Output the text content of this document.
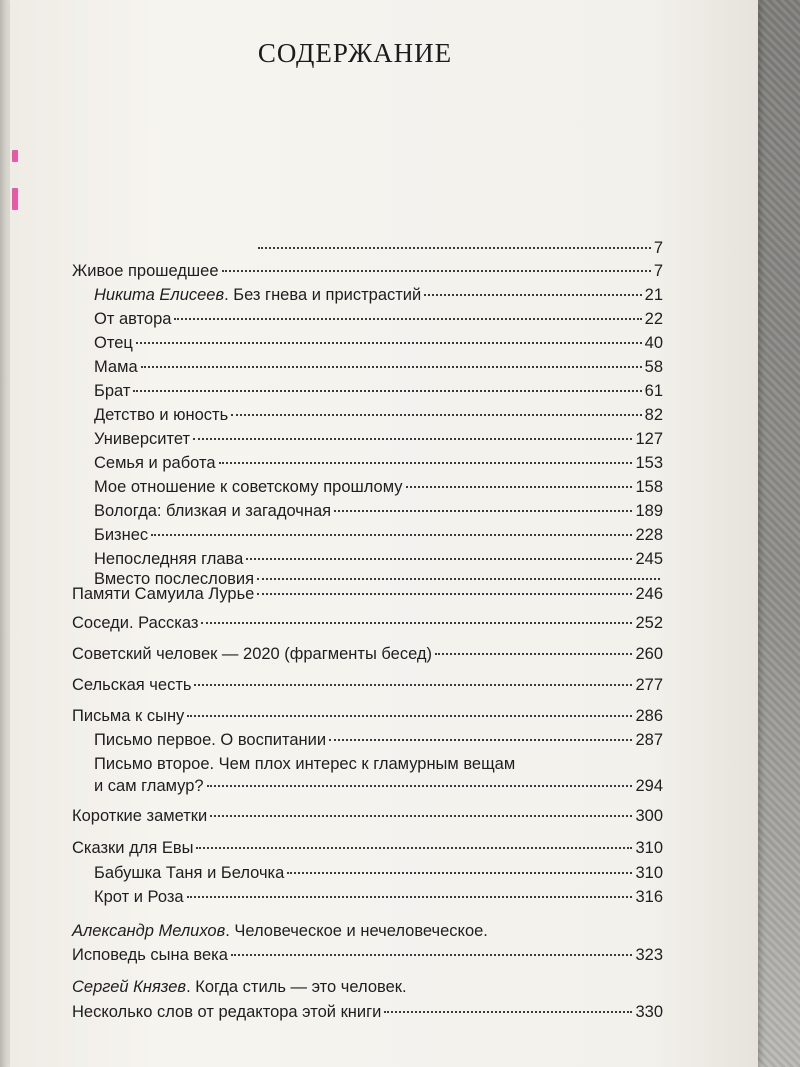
СОДЕРЖАНИЕ
7
Живое прошедшее	7
Никита Елисеев. Без гнева и пристрастий	21
От автора	22
Отец	40
Мама	58
Брат	61
Детство и юность	82
Университет	127
Семья и работа	153
Мое отношение к советскому прошлому	158
Вологда: близкая и загадочная	189
Бизнес	228
Непоследняя глава	245
Вместо послесловия
Памяти Самуила Лурье	246
Соседи. Рассказ	252
Советский человек — 2020 (фрагменты бесед)	260
Сельская честь	277
Письма к сыну	286
Письмо первое. О воспитании	287
Письмо второе. Чем плох интерес к гламурным вещам
и сам гламур?	294
Короткие заметки	300
Сказки для Евы	310
Бабушка Таня и Белочка	310
Крот и Роза	316
Александр Мелихов. Человеческое и нечеловеческое.
Исповедь сына века	323
Сергей Князев. Когда стиль — это человек.
Несколько слов от редактора этой книги	330
